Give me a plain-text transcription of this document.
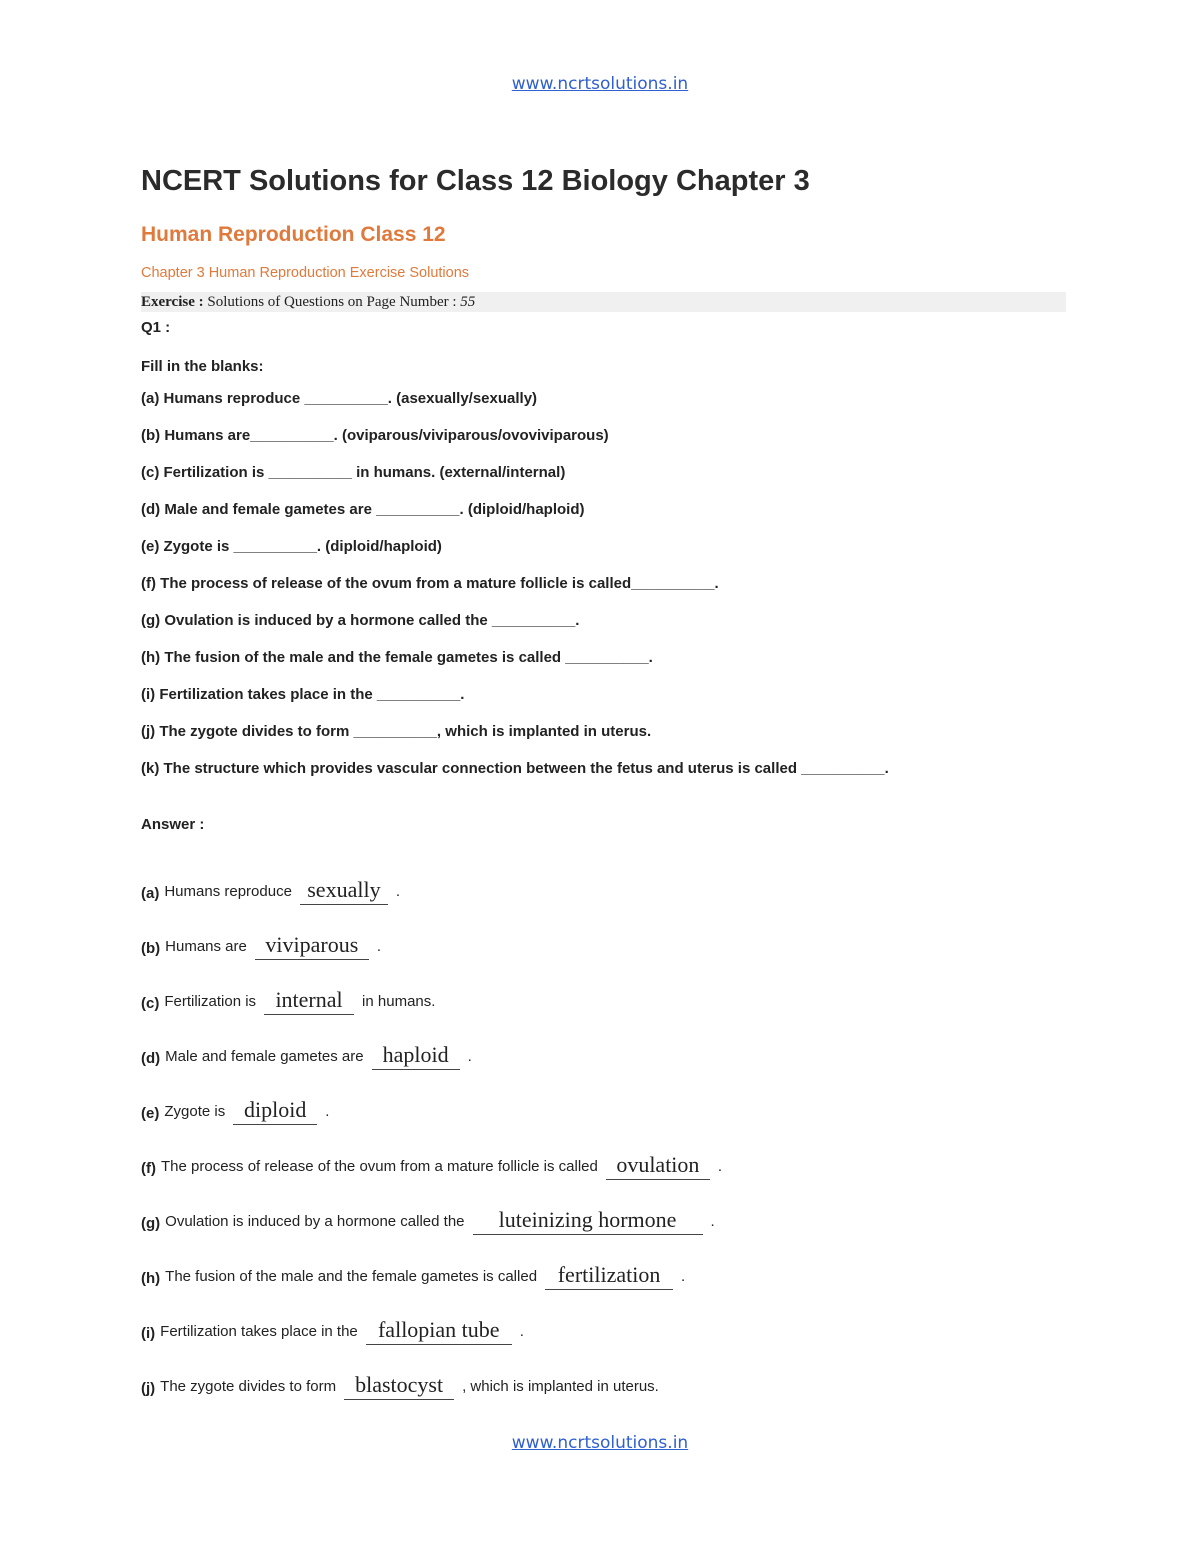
www.ncrtsolutions.in
NCERT Solutions for Class 12 Biology Chapter 3
Human Reproduction Class 12
Chapter 3 Human Reproduction Exercise Solutions
Exercise : Solutions of Questions on Page Number : 55
Q1 :
Fill in the blanks:
(a) Humans reproduce __________. (asexually/sexually)
(b) Humans are__________. (oviparous/viviparous/ovoviviparous)
(c) Fertilization is __________ in humans. (external/internal)
(d) Male and female gametes are __________. (diploid/haploid)
(e) Zygote is __________. (diploid/haploid)
(f) The process of release of the ovum from a mature follicle is called__________.
(g) Ovulation is induced by a hormone called the __________.
(h) The fusion of the male and the female gametes is called __________.
(i) Fertilization takes place in the __________.
(j) The zygote divides to form __________, which is implanted in uterus.
(k) The structure which provides vascular connection between the fetus and uterus is called __________.
Answer :
(a) Humans reproduce sexually	.
(b) Humans are viviparous	.
(c) Fertilization is internal	in humans.
(d) Male and female gametes are haploid	.
(e) Zygote is diploid	.
(f) The process of release of the ovum from a mature follicle is called ovulation	.
(g) Ovulation is induced by a hormone called the	luteinizing hormone	.
(h) The fusion of the male and the female gametes is called fertilization	.
(i) Fertilization takes place in the fallopian tube	.
(j) The zygote divides to form blastocyst	, which is implanted in uterus.
www.ncrtsolutions.in
